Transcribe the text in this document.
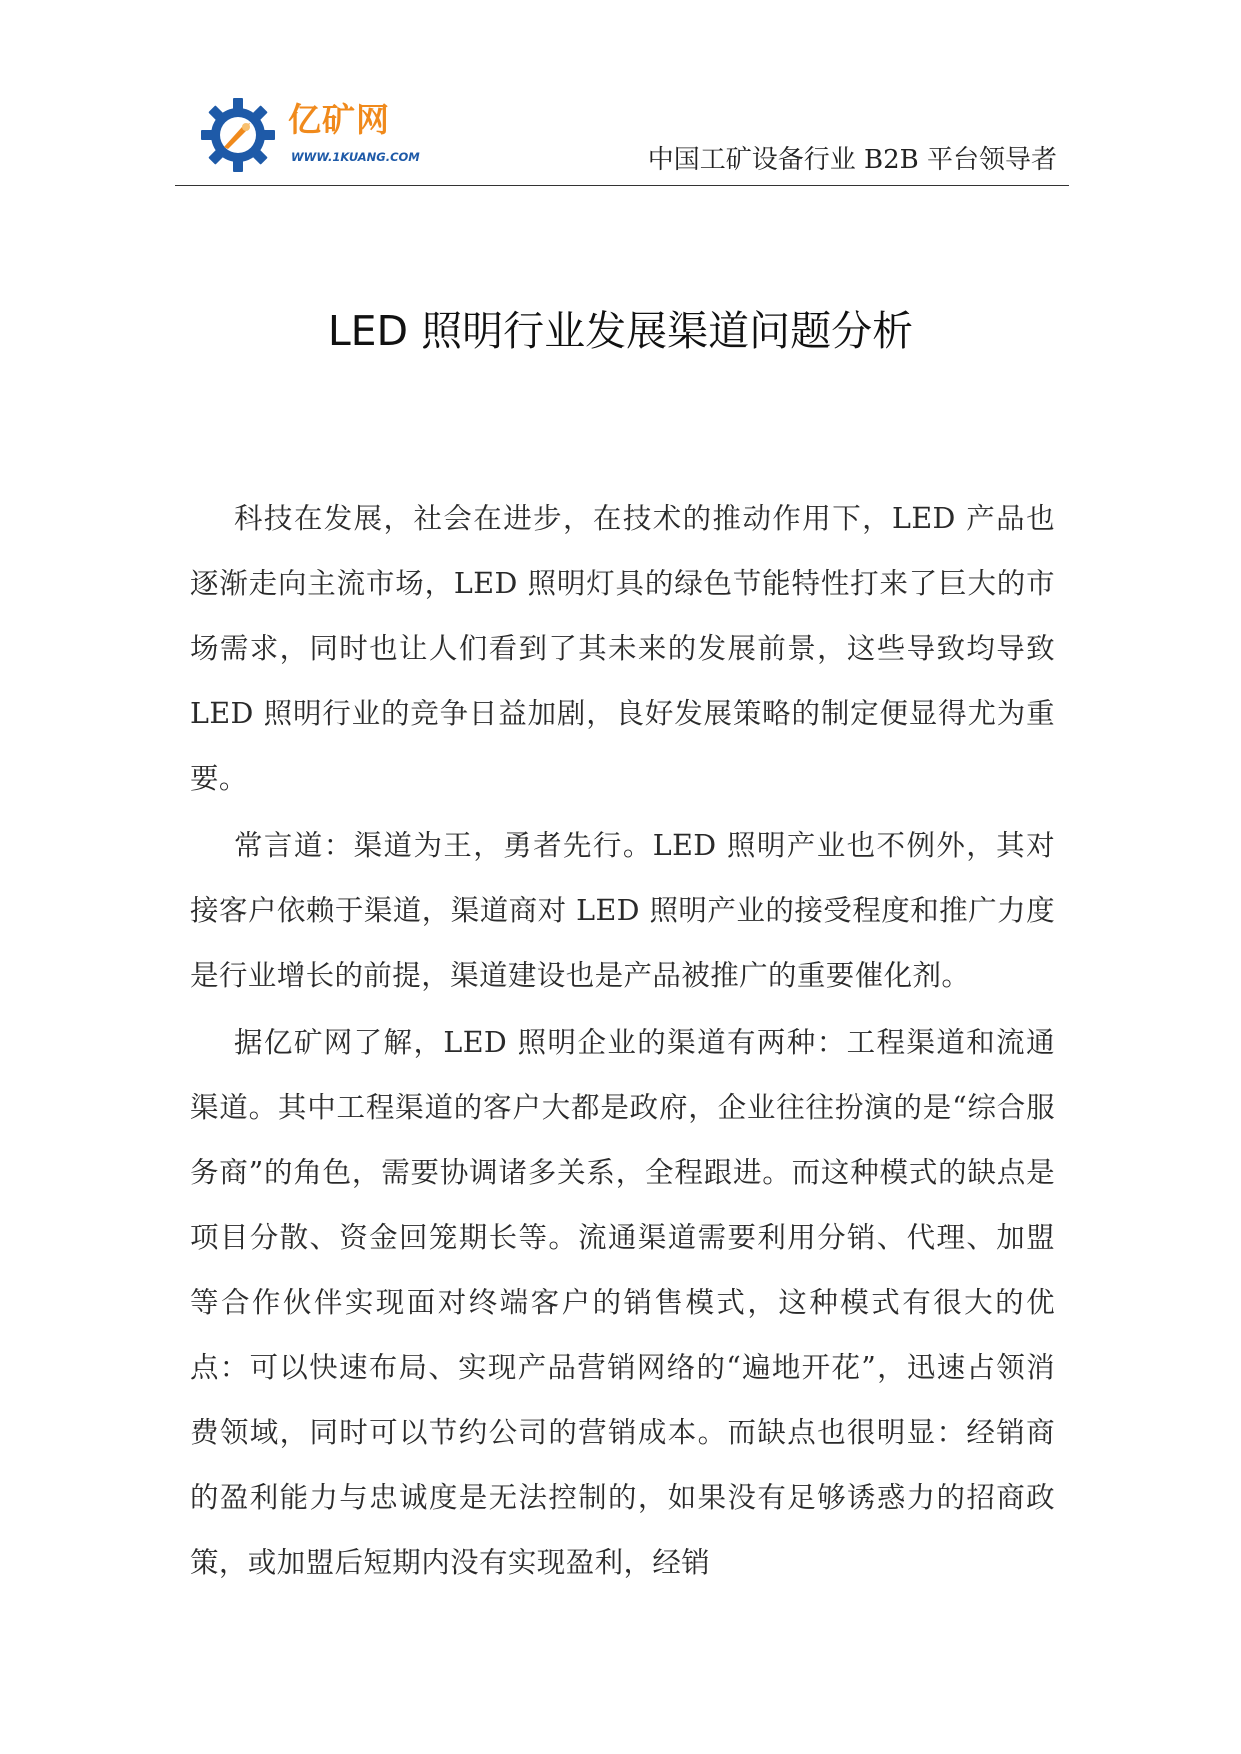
亿矿网
WWW.1KUANG.COM	中国工矿设备行业 B2B 平台领导者
LED 照明行业发展渠道问题分析

科技在发展，社会在进步，在技术的推动作用下，LED 产品也逐渐走向主流市场，LED 照明灯具的绿色节能特性打来了巨大的市场需求，同时也让人们看到了其未来的发展前景，这些导致均导致 LED 照明行业的竞争日益加剧，良好发展策略的制定便显得尤为重要。

常言道：渠道为王，勇者先行。LED 照明产业也不例外，其对接客户依赖于渠道，渠道商对 LED 照明产业的接受程度和推广力度是行业增长的前提，渠道建设也是产品被推广的重要催化剂。

据亿矿网了解，LED 照明企业的渠道有两种：工程渠道和流通渠道。其中工程渠道的客户大都是政府，企业往往扮演的是“综合服务商”的角色，需要协调诸多关系，全程跟进。而这种模式的缺点是项目分散、资金回笼期长等。流通渠道需要利用分销、代理、加盟等合作伙伴实现面对终端客户的销售模式，这种模式有很大的优点：可以快速布局、实现产品营销网络的“遍地开花”，迅速占领消费领域，同时可以节约公司的营销成本。而缺点也很明显：经销商的盈利能力与忠诚度是无法控制的，如果没有足够诱惑力的招商政策，或加盟后短期内没有实现盈利，经销
